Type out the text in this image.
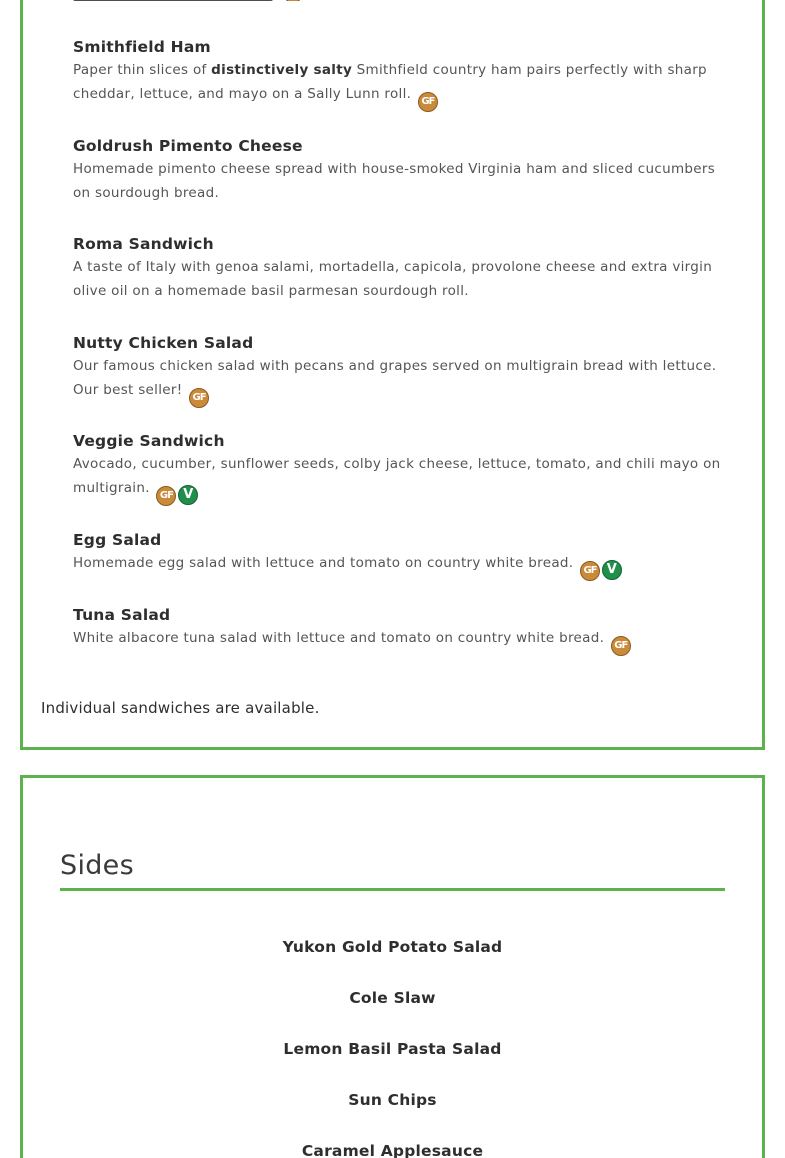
Smithfield Ham
Paper thin slices of distinctively salty Smithfield country ham pairs perfectly with sharp cheddar, lettuce, and mayo on a Sally Lunn roll. GF
Goldrush Pimento Cheese
Homemade pimento cheese spread with house-smoked Virginia ham and sliced cucumbers on sourdough bread.
Roma Sandwich
A taste of Italy with genoa salami, mortadella, capicola, provolone cheese and extra virgin olive oil on a homemade basil parmesan sourdough roll.
Nutty Chicken Salad
Our famous chicken salad with pecans and grapes served on multigrain bread with lettuce. Our best seller! GF
Veggie Sandwich
Avocado, cucumber, sunflower seeds, colby jack cheese, lettuce, tomato, and chili mayo on multigrain. GF V
Egg Salad
Homemade egg salad with lettuce and tomato on country white bread. GF V
Tuna Salad
White albacore tuna salad with lettuce and tomato on country white bread. GF
Individual sandwiches are available.
Sides
Yukon Gold Potato Salad
Cole Slaw
Lemon Basil Pasta Salad
Sun Chips
Caramel Applesauce
